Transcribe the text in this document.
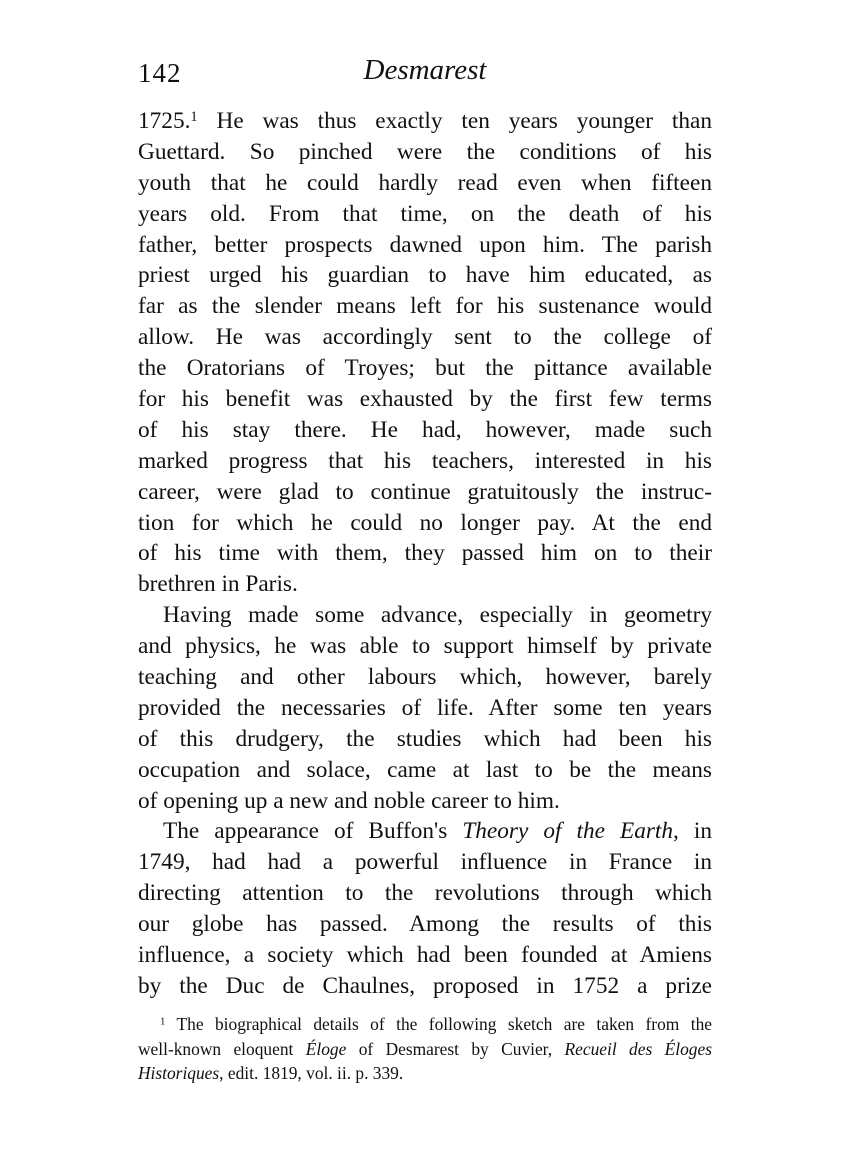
142	Desmarest
1725.$^1$ He was thus exactly ten years younger than
Guettard. So pinched were the conditions of his
youth that he could hardly read even when fifteen
years old. From that time, on the death of his
father, better prospects dawned upon him. The parish
priest urged his guardian to have him educated, as
far as the slender means left for his sustenance would
allow. He was accordingly sent to the college of
the Oratorians of Troyes; but the pittance available
for his benefit was exhausted by the first few terms
of his stay there. He had, however, made such
marked progress that his teachers, interested in his
career, were glad to continue gratuitously the instruc-
tion for which he could no longer pay. At the end
of his time with them, they passed him on to their
brethren in Paris.
Having made some advance, especially in geometry
and physics, he was able to support himself by private
teaching and other labours which, however, barely
provided the necessaries of life. After some ten years
of this drudgery, the studies which had been his
occupation and solace, came at last to be the means
of opening up a new and noble career to him.
The appearance of Buffon's Theory of the Earth, in
1749, had had a powerful influence in France in
directing attention to the revolutions through which
our globe has passed. Among the results of this
influence, a society which had been founded at Amiens
by the Duc de Chaulnes, proposed in 1752 a prize
$^1$ The biographical details of the following sketch are taken from the
well-known eloquent Éloge of Desmarest by Cuvier, Recueil des Éloges
Historiques, edit. 1819, vol. ii. p. 339.
